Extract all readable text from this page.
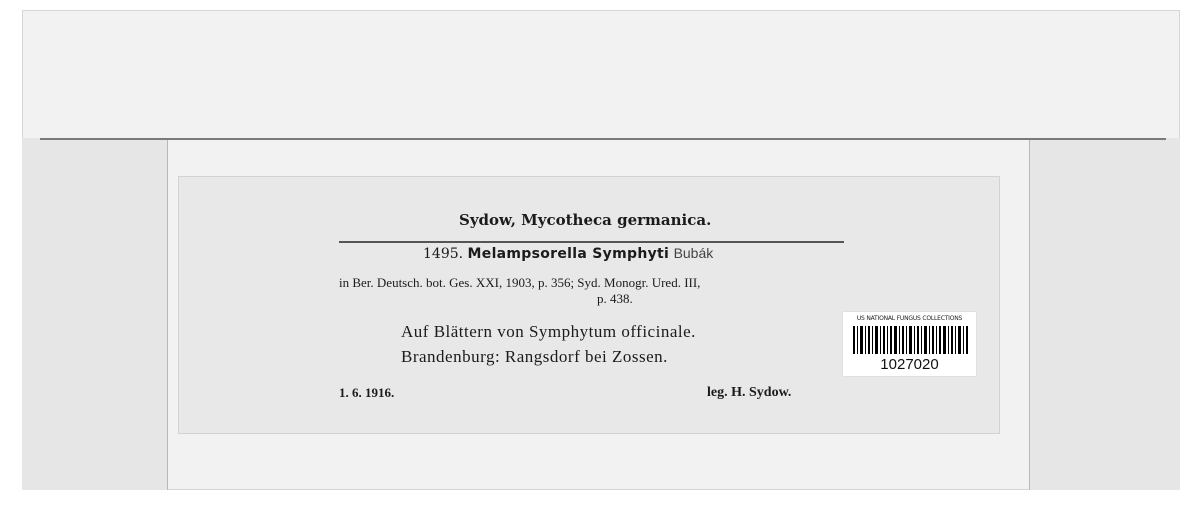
Sydow, Mycotheca germanica.
1495. Melampsorella Symphyti Bubák
in Ber. Deutsch. bot. Ges. XXI, 1903, p. 356; Syd. Monogr. Ured. III,
p. 438.
Auf Blättern von Symphytum officinale.
Brandenburg: Rangsdorf bei Zossen.
1. 6. 1916.	leg. H. Sydow.
US NATIONAL FUNGUS COLLECTIONS
1027020
